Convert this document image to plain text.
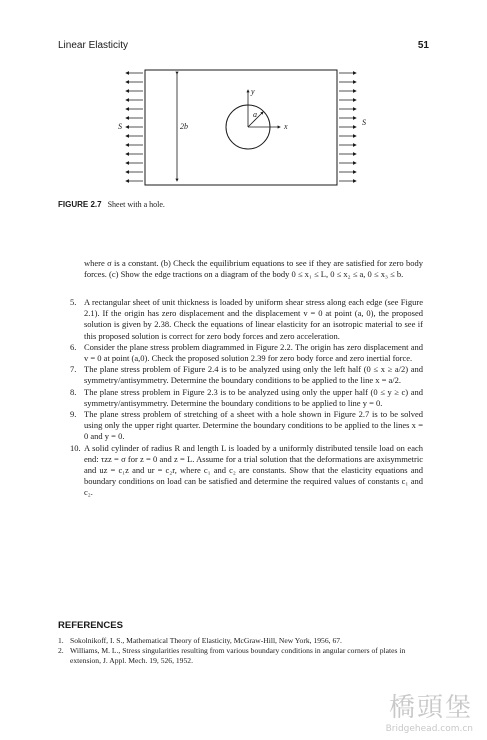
Linear Elasticity	51
2b
S	S
y
x
a
FIGURE 2.7 Sheet with a hole.
where σ is a constant. (b) Check the equilibrium equations to see if they are satisfied for zero body forces. (c) Show the edge tractions on a diagram of the body 0 ≤ x₁ ≤ L, 0 ≤ x₂ ≤ a, 0 ≤ x₃ ≤ b.
5. A rectangular sheet of unit thickness is loaded by uniform shear stress along each edge (see Figure 2.1). If the origin has zero displacement and the displacement v = 0 at point (a, 0), the proposed solution is given by 2.38. Check the equations of linear elasticity for an isotropic material to see if this proposed solution is correct for zero body forces and zero acceleration.
6. Consider the plane stress problem diagrammed in Figure 2.2. The origin has zero displacement and v = 0 at point (a,0). Check the proposed solution 2.39 for zero body force and zero inertial force.
7. The plane stress problem of Figure 2.4 is to be analyzed using only the left half (0 ≤ x ≥ a/2) and symmetry/antisymmetry. Determine the boundary conditions to be applied to the line x = a/2.
8. The plane stress problem in Figure 2.3 is to be analyzed using only the upper half (0 ≤ y ≥ c) and symmetry/antisymmetry. Determine the boundary conditions to be applied to line y = 0.
9. The plane stress problem of stretching of a sheet with a hole shown in Figure 2.7 is to be solved using only the upper right quarter. Determine the boundary conditions to be applied to the lines x = 0 and y = 0.
10. A solid cylinder of radius R and length L is loaded by a uniformly distributed tensile load on each end: τzz = σ for z = 0 and z = L. Assume for a trial solution that the deformations are axisymmetric and uz = c₁z and ur = c₂r, where c₁ and c₂ are constants. Show that the elasticity equations and boundary conditions on load can be satisfied and determine the required values of constants c₁ and c₂.
REFERENCES
1. Sokolnikoff, I. S., Mathematical Theory of Elasticity, McGraw-Hill, New York, 1956, 67.
2. Williams, M. L., Stress singularities resulting from various boundary conditions in angular corners of plates in extension, J. Appl. Mech. 19, 526, 1952.
橋頭堡
Bridgehead.com.cn
